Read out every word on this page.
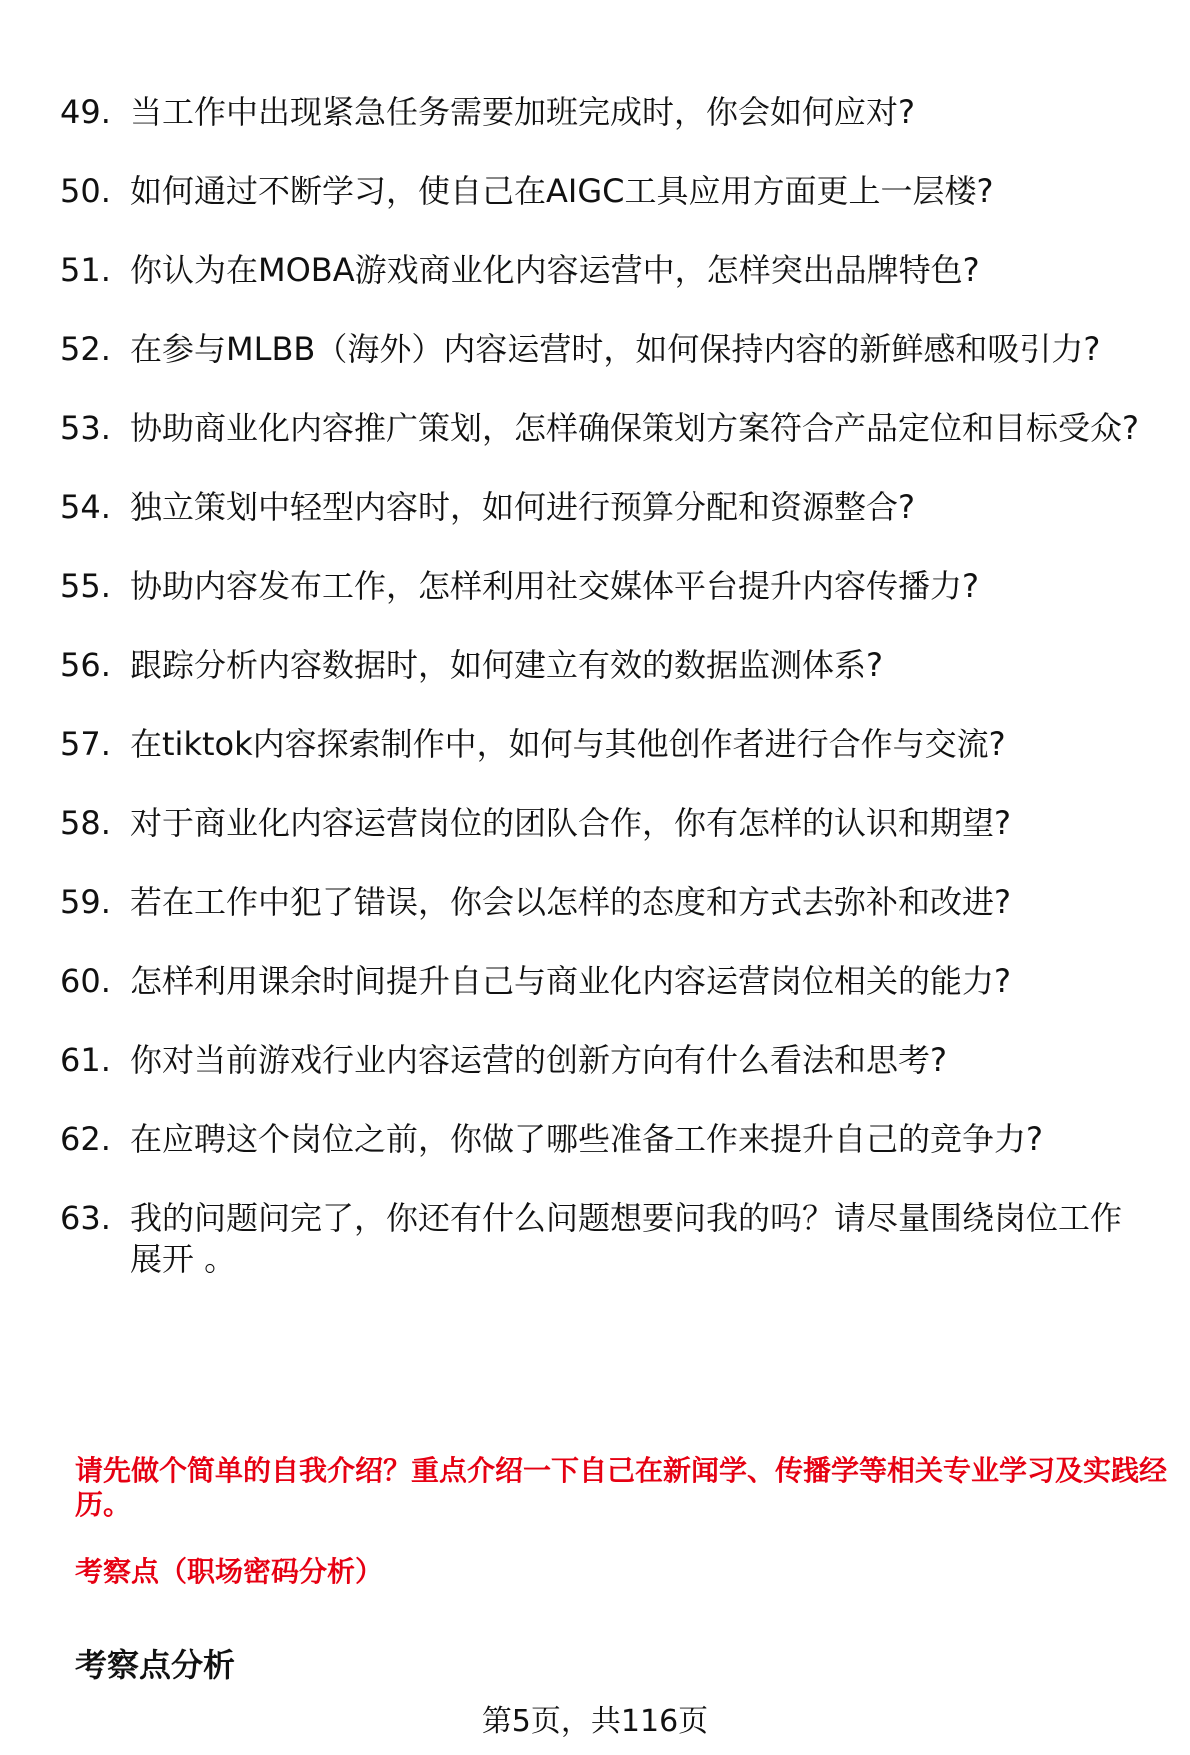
49. 当工作中出现紧急任务需要加班完成时，你会如何应对?
50. 如何通过不断学习，使自己在AIGC工具应用方面更上一层楼?
51. 你认为在MOBA游戏商业化内容运营中，怎样突出品牌特色?
52. 在参与MLBB（海外）内容运营时，如何保持内容的新鲜感和吸引力?
53. 协助商业化内容推广策划，怎样确保策划方案符合产品定位和目标受众?
54. 独立策划中轻型内容时，如何进行预算分配和资源整合?
55. 协助内容发布工作，怎样利用社交媒体平台提升内容传播力?
56. 跟踪分析内容数据时，如何建立有效的数据监测体系?
57. 在tiktok内容探索制作中，如何与其他创作者进行合作与交流?
58. 对于商业化内容运营岗位的团队合作，你有怎样的认识和期望?
59. 若在工作中犯了错误，你会以怎样的态度和方式去弥补和改进?
60. 怎样利用课余时间提升自己与商业化内容运营岗位相关的能力?
61. 你对当前游戏行业内容运营的创新方向有什么看法和思考?
62. 在应聘这个岗位之前，你做了哪些准备工作来提升自己的竞争力?
63. 我的问题问完了，你还有什么问题想要问我的吗？请尽量围绕岗位工作展开 。
请先做个简单的自我介绍？重点介绍一下自己在新闻学、传播学等相关专业学习及实践经历。
考察点（职场密码分析）
考察点分析
第5页，共116页
